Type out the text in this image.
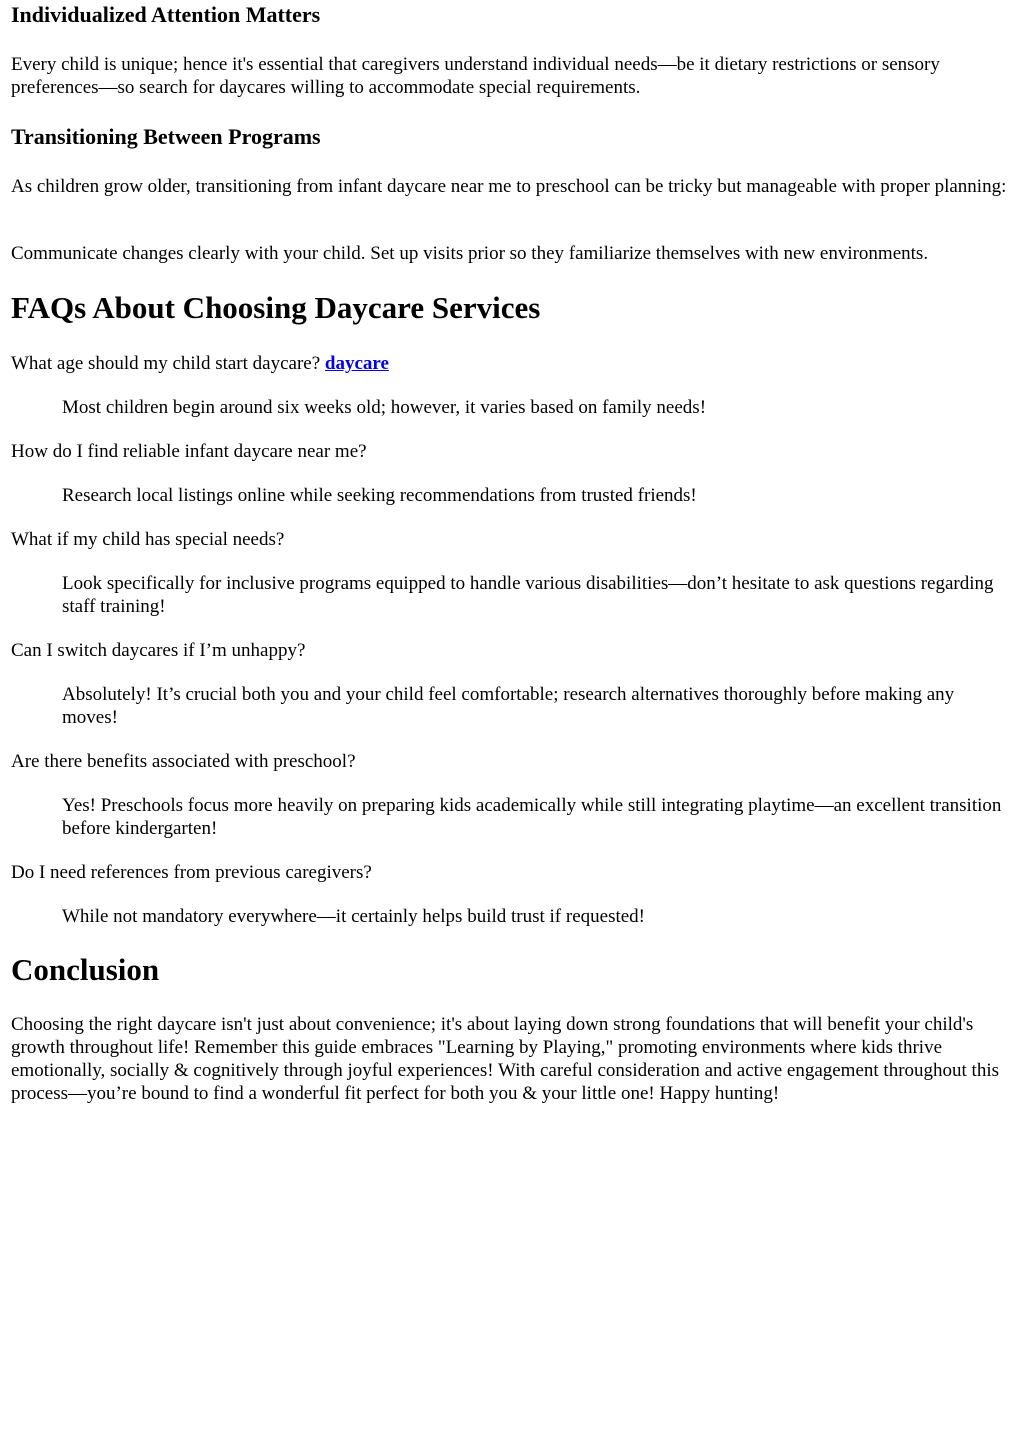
Individualized Attention Matters

Every child is unique; hence it's essential that caregivers understand individual needs—be it dietary restrictions or sensory preferences—so search for daycares willing to accommodate special requirements.

Transitioning Between Programs

As children grow older, transitioning from infant daycare near me to preschool can be tricky but manageable with proper planning:

Communicate changes clearly with your child. Set up visits prior so they familiarize themselves with new environments.

FAQs About Choosing Daycare Services
What age should my child start daycare? daycare
Most children begin around six weeks old; however, it varies based on family needs!
How do I find reliable infant daycare near me?
Research local listings online while seeking recommendations from trusted friends!
What if my child has special needs?
Look specifically for inclusive programs equipped to handle various disabilities—don’t hesitate to ask questions regarding staff training!
Can I switch daycares if I’m unhappy?
Absolutely! It’s crucial both you and your child feel comfortable; research alternatives thoroughly before making any moves!
Are there benefits associated with preschool?
Yes! Preschools focus more heavily on preparing kids academically while still integrating playtime—an excellent transition before kindergarten!
Do I need references from previous caregivers?
While not mandatory everywhere—it certainly helps build trust if requested!
Conclusion

Choosing the right daycare isn't just about convenience; it's about laying down strong foundations that will benefit your child's growth throughout life! Remember this guide embraces "Learning by Playing," promoting environments where kids thrive emotionally, socially & cognitively through joyful experiences! With careful consideration and active engagement throughout this process—you’re bound to find a wonderful fit perfect for both you & your little one! Happy hunting!
